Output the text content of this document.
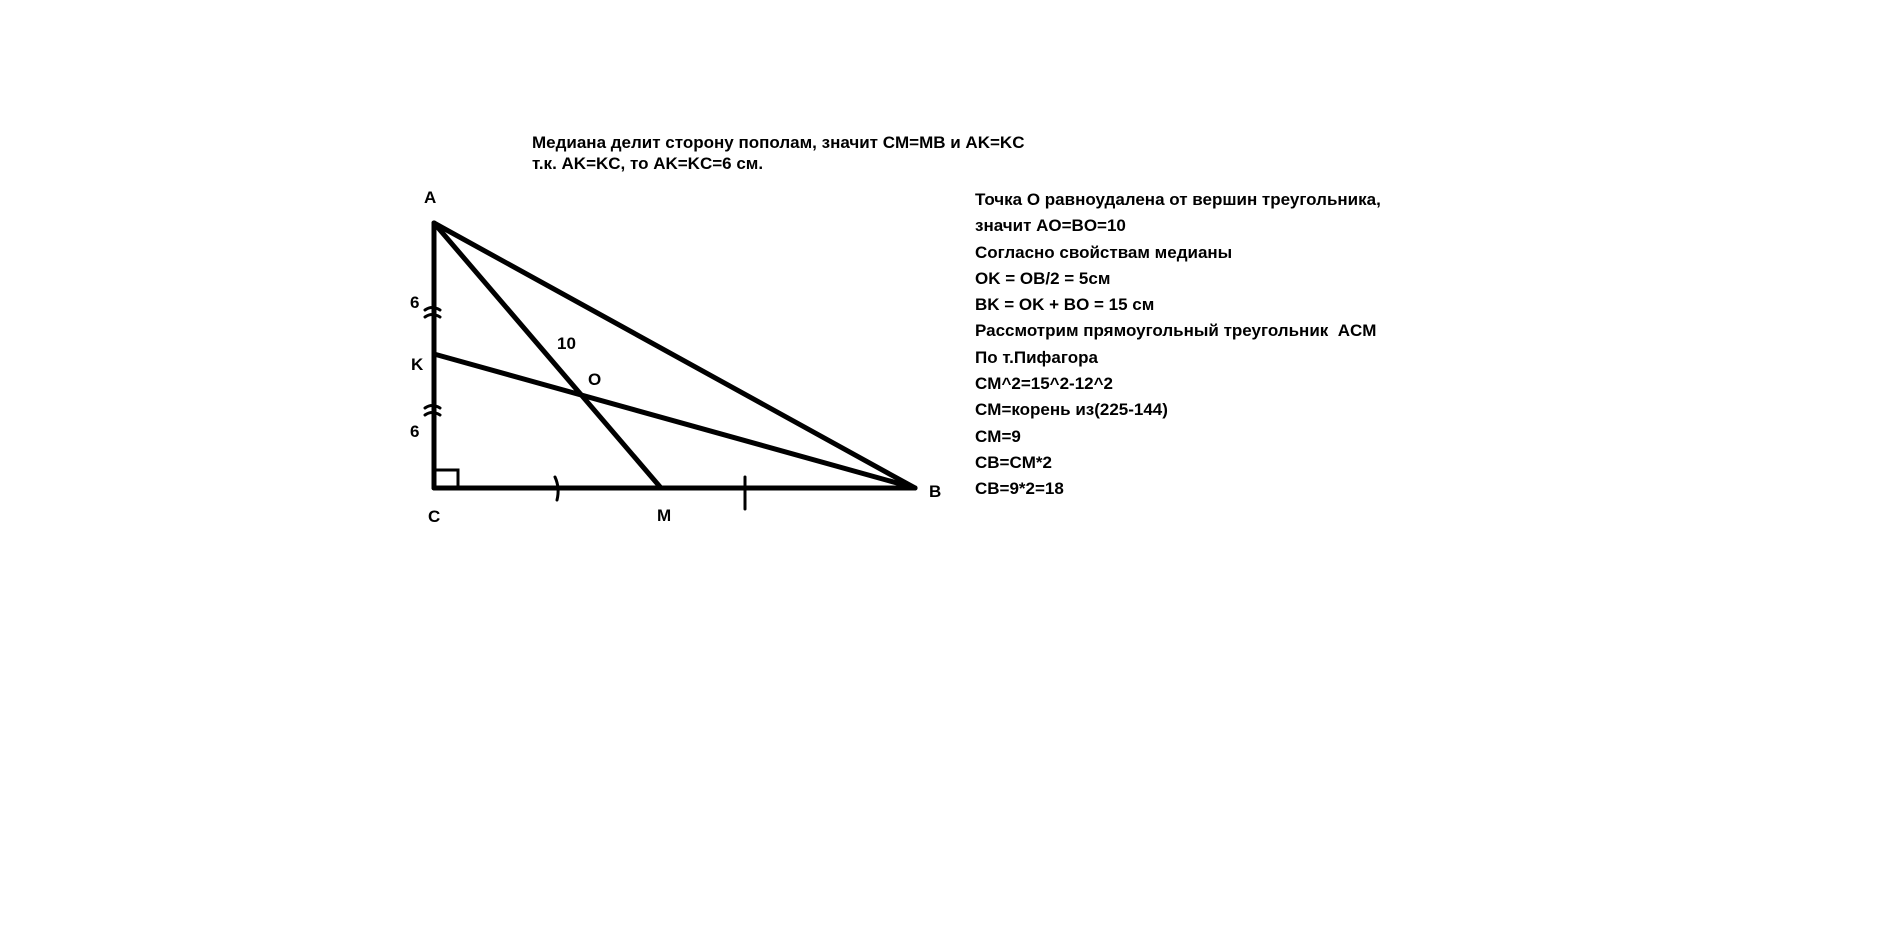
Медиана делит сторону пополам, значит CM=MB и AK=KC
т.к. AK=KC, то AK=KC=6 см.
A
B
C
K
M
O
6
6
10
Точка О равноудалена от вершин треугольника,
значит AO=BO=10
Согласно свойствам медианы
OK = OB/2 = 5см
BK = OK + BO = 15 см
Рассмотрим прямоугольный треугольник  ACM
По т.Пифагора
CM^2=15^2-12^2
CM=корень из(225-144)
CM=9
CB=CM*2
CB=9*2=18
